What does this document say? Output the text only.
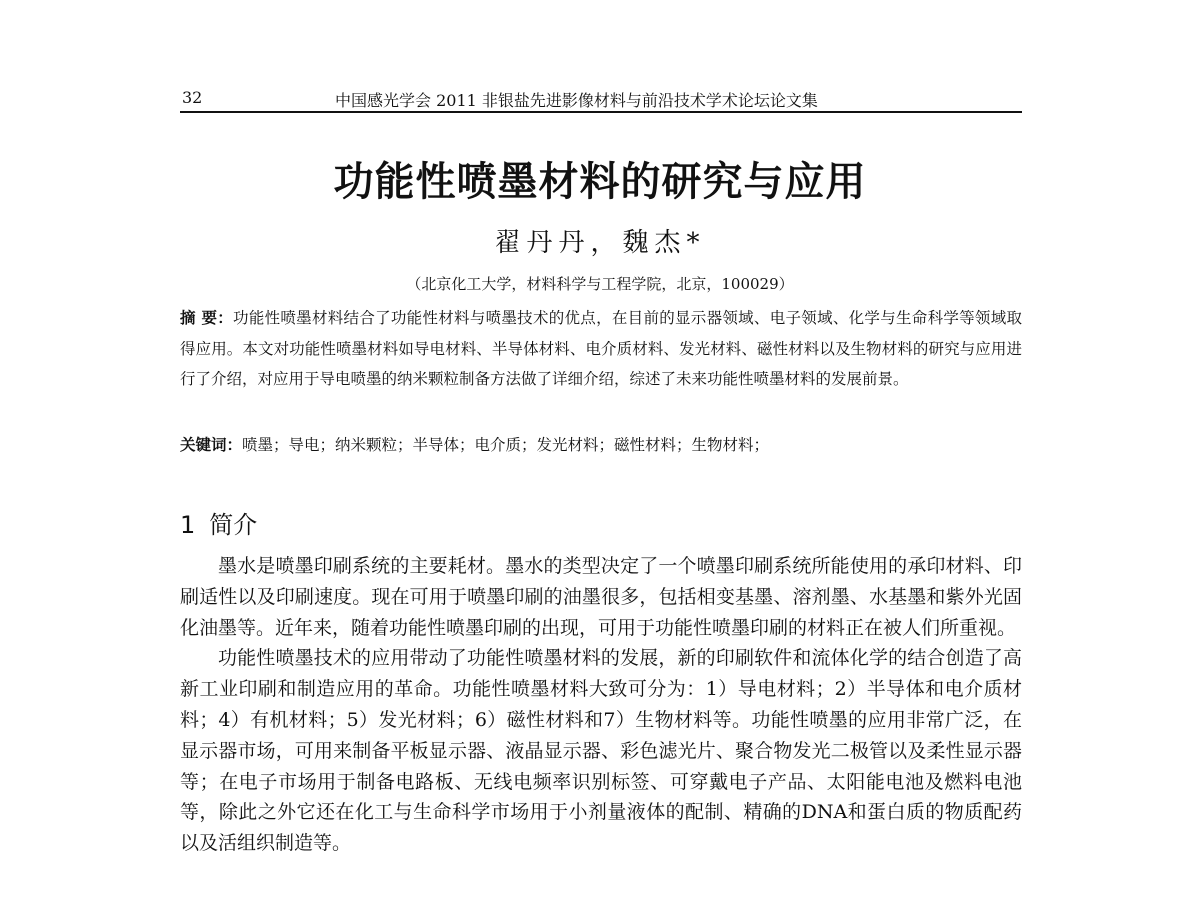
32	中国感光学会 2011 非银盐先进影像材料与前沿技术学术论坛论文集
功能性喷墨材料的研究与应用
翟丹丹，魏杰*
（北京化工大学，材料科学与工程学院，北京，100029）
摘 要：功能性喷墨材料结合了功能性材料与喷墨技术的优点，在目前的显示器领域、电子领域、化学与生命科学等领域取得应用。本文对功能性喷墨材料如导电材料、半导体材料、电介质材料、发光材料、磁性材料以及生物材料的研究与应用进行了介绍，对应用于导电喷墨的纳米颗粒制备方法做了详细介绍，综述了未来功能性喷墨材料的发展前景。
关键词：喷墨；导电；纳米颗粒；半导体；电介质；发光材料；磁性材料；生物材料；
1 简介

墨水是喷墨印刷系统的主要耗材。墨水的类型决定了一个喷墨印刷系统所能使用的承印材料、印刷适性以及印刷速度。现在可用于喷墨印刷的油墨很多，包括相变基墨、溶剂墨、水基墨和紫外光固化油墨等。近年来，随着功能性喷墨印刷的出现，可用于功能性喷墨印刷的材料正在被人们所重视。

功能性喷墨技术的应用带动了功能性喷墨材料的发展，新的印刷软件和流体化学的结合创造了高新工业印刷和制造应用的革命。功能性喷墨材料大致可分为：1）导电材料；2）半导体和电介质材料；4）有机材料；5）发光材料；6）磁性材料和7）生物材料等。功能性喷墨的应用非常广泛，在显示器市场，可用来制备平板显示器、液晶显示器、彩色滤光片、聚合物发光二极管以及柔性显示器等；在电子市场用于制备电路板、无线电频率识别标签、可穿戴电子产品、太阳能电池及燃料电池等，除此之外它还在化工与生命科学市场用于小剂量液体的配制、精确的DNA和蛋白质的物质配药以及活组织制造等。
